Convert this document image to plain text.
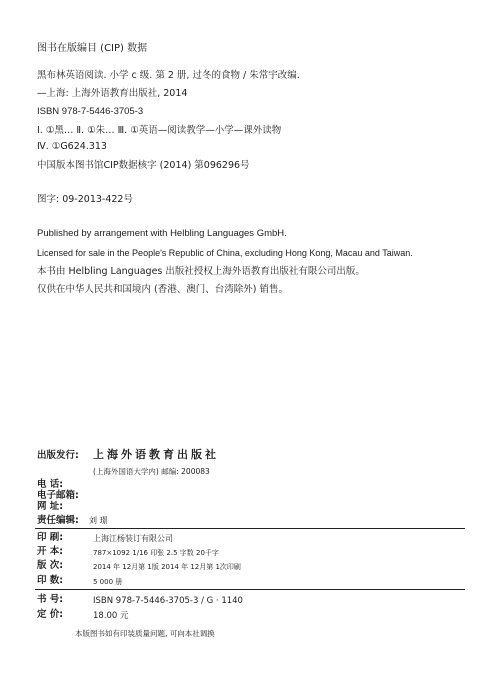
图书在版编目 (CIP) 数据
黑布林英语阅读. 小学 c 级. 第 2 册, 过冬的食物 / 朱常宇改编.
—上海: 上海外语教育出版社, 2014
ISBN 978-7-5446-3705-3
Ⅰ. ①黑… Ⅱ. ①朱… Ⅲ. ①英语—阅读教学—小学—课外读物
Ⅳ. ①G624.313
中国版本图书馆CIP数据核字 (2014) 第096296号
图字: 09-2013-422号
Published by arrangement with Helbling Languages GmbH.
Licensed for sale in the People's Republic of China, excluding Hong Kong, Macau and Taiwan.
本书由 Helbling Languages 出版社授权上海外语教育出版社有限公司出版。
仅供在中华人民共和国境内 (香港、澳门、台湾除外) 销售。
出版发行: 上海外语教育出版社
(上海外国语大学内) 邮编: 200083
电 话:
电子邮箱:
网 址:
责任编辑: 刘 璟
印 刷:	上海江杨装订有限公司
开 本:	787×1092 1/16 印张 2.5 字数 20千字
版 次:	2014 年 12月第 1版 2014 年 12月第 1次印刷
印 数:	5 000 册
书 号:	ISBN 978-7-5446-3705-3 / G · 1140
定 价:	18.00 元
本版图书如有印装质量问题, 可向本社调换
